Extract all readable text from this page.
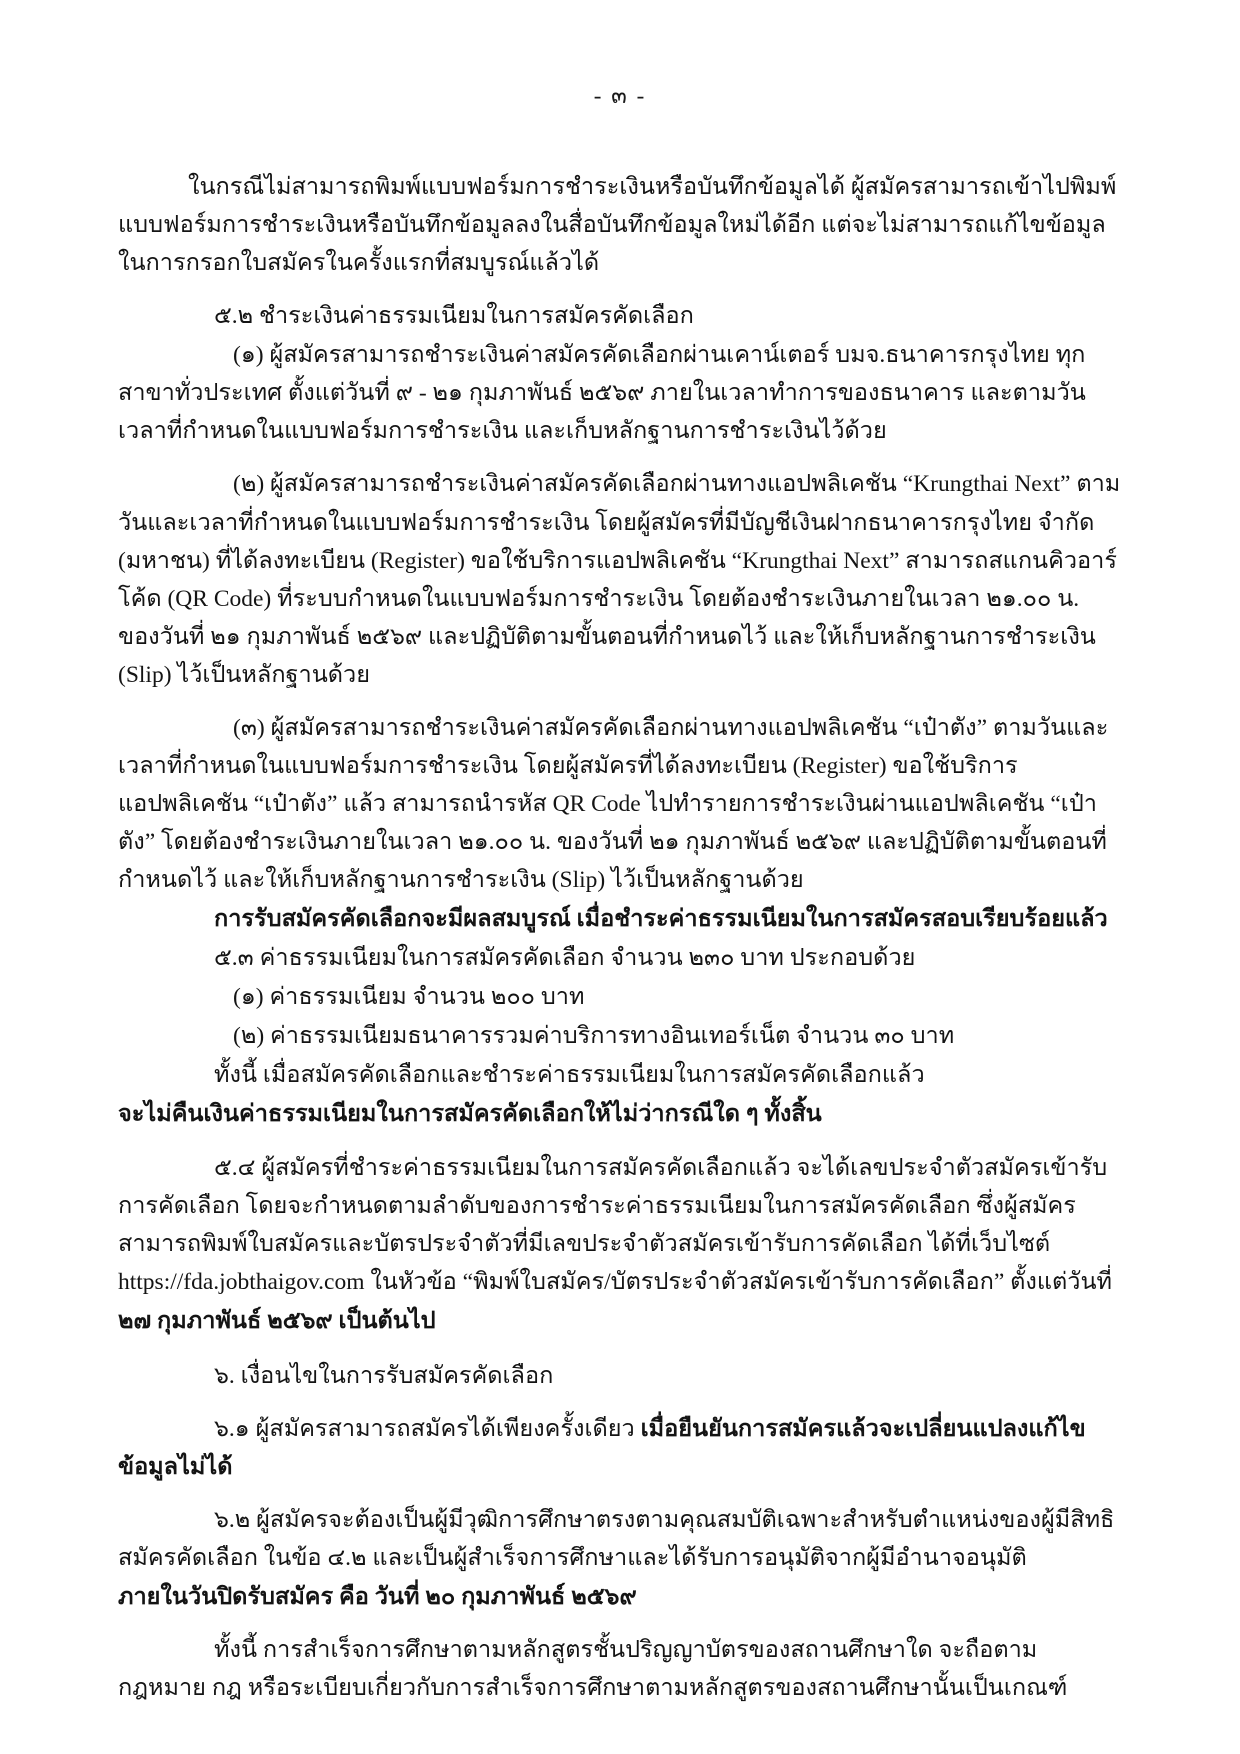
- ๓ -

ในกรณีไม่สามารถพิมพ์แบบฟอร์มการชำระเงินหรือบันทึกข้อมูลได้ ผู้สมัครสามารถเข้าไปพิมพ์แบบฟอร์มการชำระเงินหรือบันทึกข้อมูลลงในสื่อบันทึกข้อมูลใหม่ได้อีก แต่จะไม่สามารถแก้ไขข้อมูลในการกรอกใบสมัครในครั้งแรกที่สมบูรณ์แล้วได้

๕.๒ ชำระเงินค่าธรรมเนียมในการสมัครคัดเลือก

(๑) ผู้สมัครสามารถชำระเงินค่าสมัครคัดเลือกผ่านเคาน์เตอร์ บมจ.ธนาคารกรุงไทย ทุกสาขาทั่วประเทศ ตั้งแต่วันที่ ๙ - ๒๑ กุมภาพันธ์ ๒๕๖๙ ภายในเวลาทำการของธนาคาร และตามวัน เวลาที่กำหนดในแบบฟอร์มการชำระเงิน และเก็บหลักฐานการชำระเงินไว้ด้วย

(๒) ผู้สมัครสามารถชำระเงินค่าสมัครคัดเลือกผ่านทางแอปพลิเคชัน “Krungthai Next” ตามวันและเวลาที่กำหนดในแบบฟอร์มการชำระเงิน โดยผู้สมัครที่มีบัญชีเงินฝากธนาคารกรุงไทย จำกัด (มหาชน) ที่ได้ลงทะเบียน (Register) ขอใช้บริการแอปพลิเคชัน “Krungthai Next” สามารถสแกนคิวอาร์โค้ด (QR Code) ที่ระบบกำหนดในแบบฟอร์มการชำระเงิน โดยต้องชำระเงินภายในเวลา ๒๑.๐๐ น. ของวันที่ ๒๑ กุมภาพันธ์ ๒๕๖๙ และปฏิบัติตามขั้นตอนที่กำหนดไว้ และให้เก็บหลักฐานการชำระเงิน (Slip) ไว้เป็นหลักฐานด้วย

(๓) ผู้สมัครสามารถชำระเงินค่าสมัครคัดเลือกผ่านทางแอปพลิเคชัน “เป๋าตัง” ตามวันและเวลาที่กำหนดในแบบฟอร์มการชำระเงิน โดยผู้สมัครที่ได้ลงทะเบียน (Register) ขอใช้บริการแอปพลิเคชัน “เป๋าตัง” แล้ว สามารถนำรหัส QR Code ไปทำรายการชำระเงินผ่านแอปพลิเคชัน “เป๋าตัง” โดยต้องชำระเงินภายในเวลา ๒๑.๐๐ น. ของวันที่ ๒๑ กุมภาพันธ์ ๒๕๖๙ และปฏิบัติตามขั้นตอนที่กำหนดไว้ และให้เก็บหลักฐานการชำระเงิน (Slip) ไว้เป็นหลักฐานด้วย

การรับสมัครคัดเลือกจะมีผลสมบูรณ์ เมื่อชำระค่าธรรมเนียมในการสมัครสอบเรียบร้อยแล้ว

๕.๓ ค่าธรรมเนียมในการสมัครคัดเลือก จำนวน ๒๓๐ บาท ประกอบด้วย

(๑) ค่าธรรมเนียม จำนวน ๒๐๐ บาท

(๒) ค่าธรรมเนียมธนาคารรวมค่าบริการทางอินเทอร์เน็ต จำนวน ๓๐ บาท

ทั้งนี้ เมื่อสมัครคัดเลือกและชำระค่าธรรมเนียมในการสมัครคัดเลือกแล้ว

จะไม่คืนเงินค่าธรรมเนียมในการสมัครคัดเลือกให้ไม่ว่ากรณีใด ๆ ทั้งสิ้น

๕.๔ ผู้สมัครที่ชำระค่าธรรมเนียมในการสมัครคัดเลือกแล้ว จะได้เลขประจำตัวสมัครเข้ารับการคัดเลือก โดยจะกำหนดตามลำดับของการชำระค่าธรรมเนียมในการสมัครคัดเลือก ซึ่งผู้สมัครสามารถพิมพ์ใบสมัครและบัตรประจำตัวที่มีเลขประจำตัวสมัครเข้ารับการคัดเลือก ได้ที่เว็บไซต์ https://fda.jobthaigov.com ในหัวข้อ “พิมพ์ใบสมัคร/บัตรประจำตัวสมัครเข้ารับการคัดเลือก” ตั้งแต่วันที่

๒๗ กุมภาพันธ์ ๒๕๖๙ เป็นต้นไป

๖. เงื่อนไขในการรับสมัครคัดเลือก

๖.๑ ผู้สมัครสามารถสมัครได้เพียงครั้งเดียว เมื่อยืนยันการสมัครแล้วจะเปลี่ยนแปลงแก้ไขข้อมูลไม่ได้

๖.๒ ผู้สมัครจะต้องเป็นผู้มีวุฒิการศึกษาตรงตามคุณสมบัติเฉพาะสำหรับตำแหน่งของผู้มีสิทธิสมัครคัดเลือก ในข้อ ๔.๒ และเป็นผู้สำเร็จการศึกษาและได้รับการอนุมัติจากผู้มีอำนาจอนุมัติ

ภายในวันปิดรับสมัคร คือ วันที่ ๒๐ กุมภาพันธ์ ๒๕๖๙

ทั้งนี้ การสำเร็จการศึกษาตามหลักสูตรชั้นปริญญาบัตรของสถานศึกษาใด จะถือตามกฎหมาย กฎ หรือระเบียบเกี่ยวกับการสำเร็จการศึกษาตามหลักสูตรของสถานศึกษานั้นเป็นเกณฑ์
